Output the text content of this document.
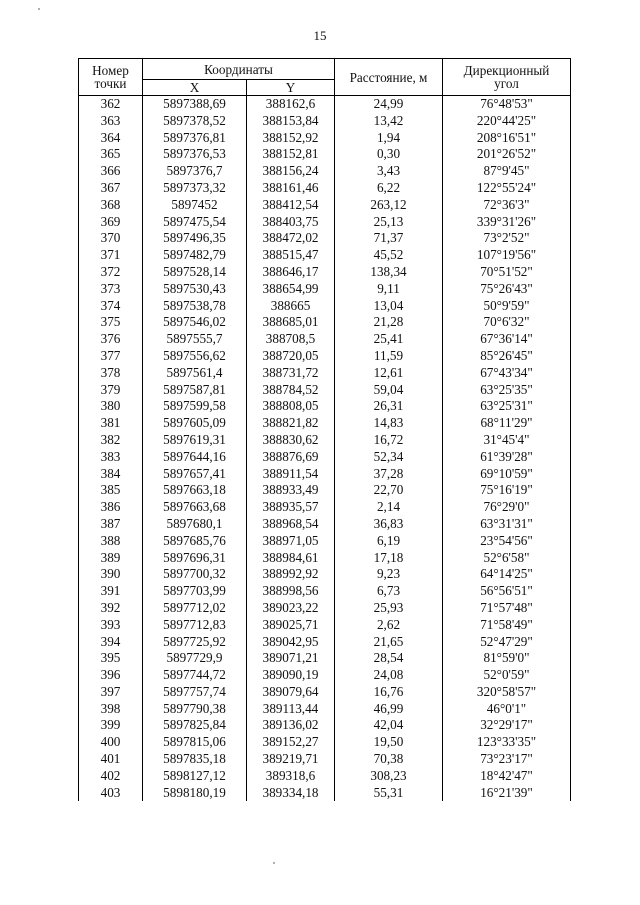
15
Номер
точки	Координаты		Расстояние, м	Дирекционный
угол

	X	Y		
362	5897388,69	388162,6	24,99	76°48'53"
363	5897378,52	388153,84	13,42	220°44'25"
364	5897376,81	388152,92	1,94	208°16'51"
365	5897376,53	388152,81	0,30	201°26'52"
366	5897376,7	388156,24	3,43	87°9'45"
367	5897373,32	388161,46	6,22	122°55'24"
368	5897452	388412,54	263,12	72°36'3"
369	5897475,54	388403,75	25,13	339°31'26"
370	5897496,35	388472,02	71,37	73°2'52"
371	5897482,79	388515,47	45,52	107°19'56"
372	5897528,14	388646,17	138,34	70°51'52"
373	5897530,43	388654,99	9,11	75°26'43"
374	5897538,78	388665	13,04	50°9'59"
375	5897546,02	388685,01	21,28	70°6'32"
376	5897555,7	388708,5	25,41	67°36'14"
377	5897556,62	388720,05	11,59	85°26'45"
378	5897561,4	388731,72	12,61	67°43'34"
379	5897587,81	388784,52	59,04	63°25'35"
380	5897599,58	388808,05	26,31	63°25'31"
381	5897605,09	388821,82	14,83	68°11'29"
382	5897619,31	388830,62	16,72	31°45'4"
383	5897644,16	388876,69	52,34	61°39'28"
384	5897657,41	388911,54	37,28	69°10'59"
385	5897663,18	388933,49	22,70	75°16'19"
386	5897663,68	388935,57	2,14	76°29'0"
387	5897680,1	388968,54	36,83	63°31'31"
388	5897685,76	388971,05	6,19	23°54'56"
389	5897696,31	388984,61	17,18	52°6'58"
390	5897700,32	388992,92	9,23	64°14'25"
391	5897703,99	388998,56	6,73	56°56'51"
392	5897712,02	389023,22	25,93	71°57'48"
393	5897712,83	389025,71	2,62	71°58'49"
394	5897725,92	389042,95	21,65	52°47'29"
395	5897729,9	389071,21	28,54	81°59'0"
396	5897744,72	389090,19	24,08	52°0'59"
397	5897757,74	389079,64	16,76	320°58'57"
398	5897790,38	389113,44	46,99	46°0'1"
399	5897825,84	389136,02	42,04	32°29'17"
400	5897815,06	389152,27	19,50	123°33'35"
401	5897835,18	389219,71	70,38	73°23'17"
402	5898127,12	389318,6	308,23	18°42'47"
403	5898180,19	389334,18	55,31	16°21'39"
